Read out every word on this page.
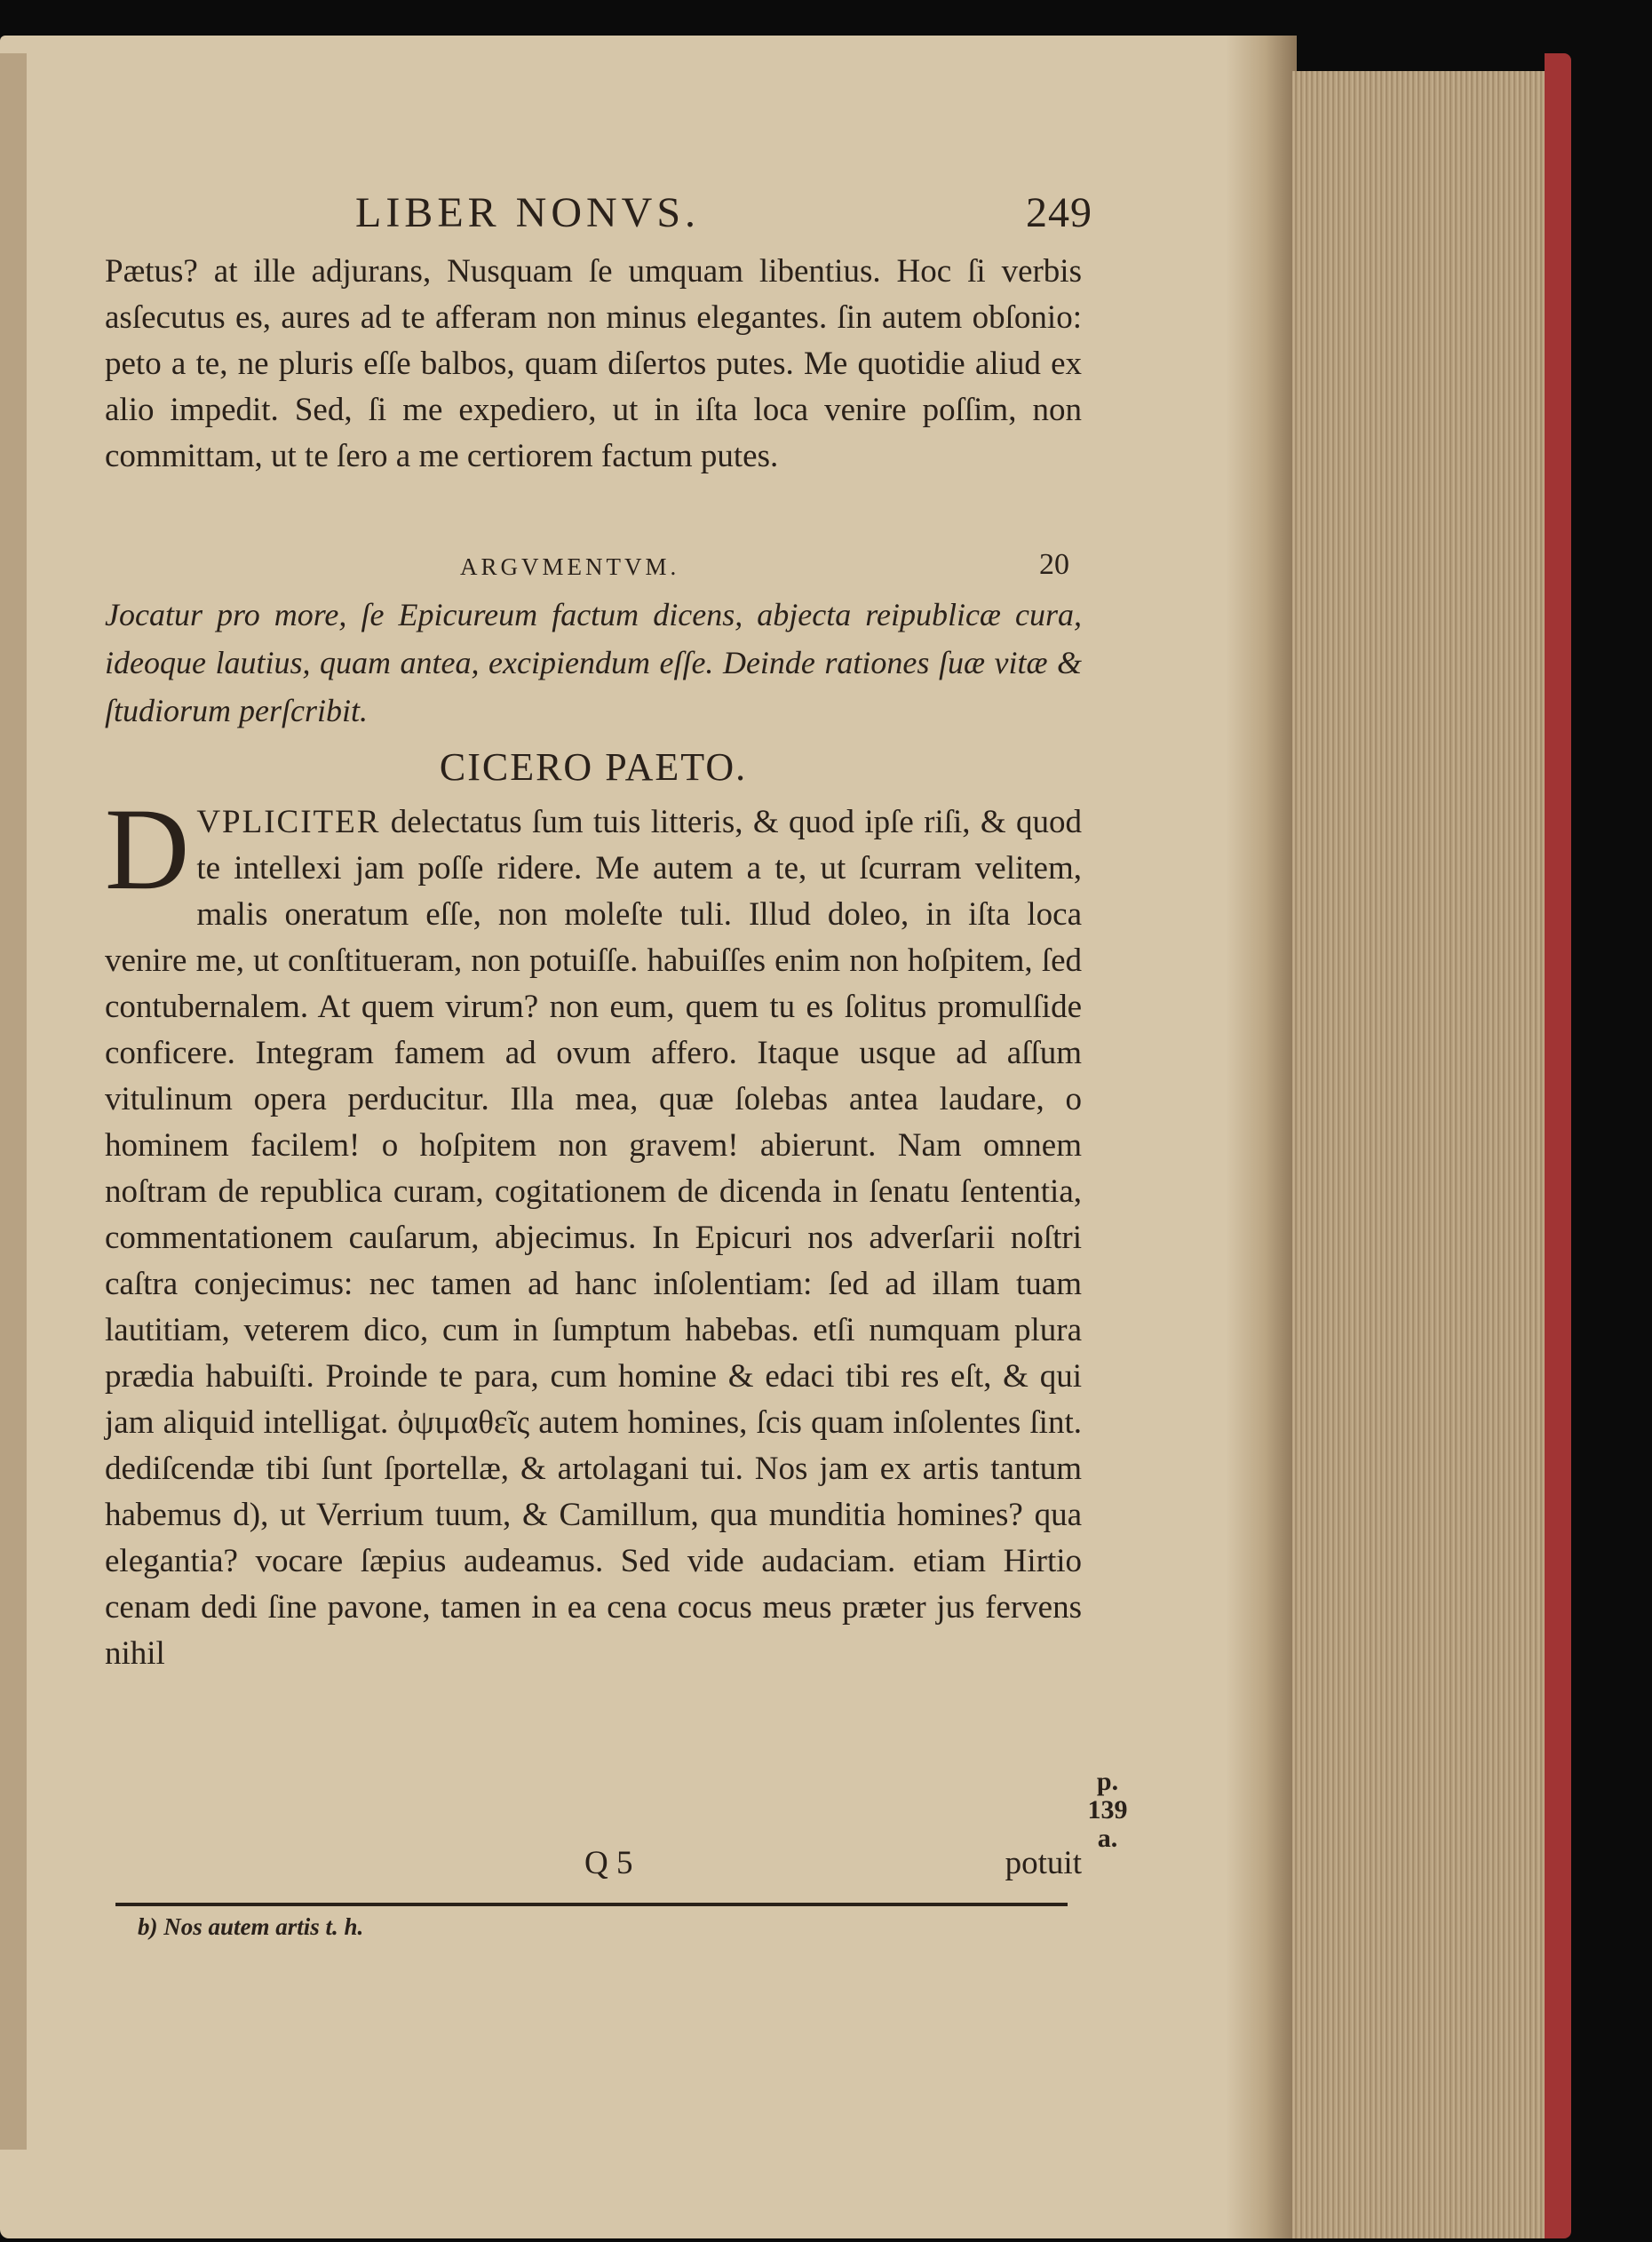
LIBER NONVS.	249
Pætus? at ille adjurans, Nusquam ſe umquam libentius. Hoc ſi verbis asſecutus es, aures ad te afferam non minus elegantes. ſin autem obſonio: peto a te, ne pluris eſſe balbos, quam diſertos putes. Me quotidie aliud ex alio impedit. Sed, ſi me expediero, ut in iſta loca venire poſſim, non committam, ut te ſero a me certiorem factum putes.
ARGVMENTVM.	20
Jocatur pro more, ſe Epicureum factum dicens, abjecta reipublicæ cura, ideoque lautius, quam antea, excipiendum eſſe. Deinde rationes ſuæ vitæ & ſtudiorum perſcribit.
CICERO PAETO.
DVPLICITER delectatus ſum tuis litteris, & quod ipſe riſi, & quod te intellexi jam poſſe ridere. Me autem a te, ut ſcurram velitem, malis oneratum eſſe, non moleſte tuli. Illud doleo, in iſta loca venire me, ut conſtitueram, non potuiſſe. habuiſſes enim non hoſpitem, ſed contubernalem. At quem virum? non eum, quem tu es ſolitus promulſide conficere. Integram famem ad ovum affero. Itaque usque ad aſſum vitulinum opera perducitur. Illa mea, quæ ſolebas antea laudare, o hominem facilem! o hoſpitem non gravem! abierunt. Nam omnem noſtram de republica curam, cogitationem de dicenda in ſenatu ſententia, commentationem cauſarum, abjecimus. In Epicuri nos adverſarii noſtri caſtra conjecimus: nec tamen ad hanc inſolentiam: ſed ad illam tuam lautitiam, veterem dico, cum in ſumptum habebas. etſi numquam plura prædia habuiſti. Proinde te para, cum homine & edaci tibi res eſt, & qui jam aliquid intelligat. ὀψιμαθεῖς autem homines, ſcis quam inſolentes ſint. dediſcendæ tibi ſunt ſportellæ, & artolagani tui. Nos jam ex artis tantum habemus d), ut Verrium tuum, & Camillum, qua munditia homines? qua elegantia? vocare ſæpius audeamus. Sed vide audaciam. etiam Hirtio cenam dedi ſine pavone, tamen in ea cena cocus meus præter jus fervens nihil
p.
139
a.
Q 5	potuit
b) Nos autem artis t. h.
